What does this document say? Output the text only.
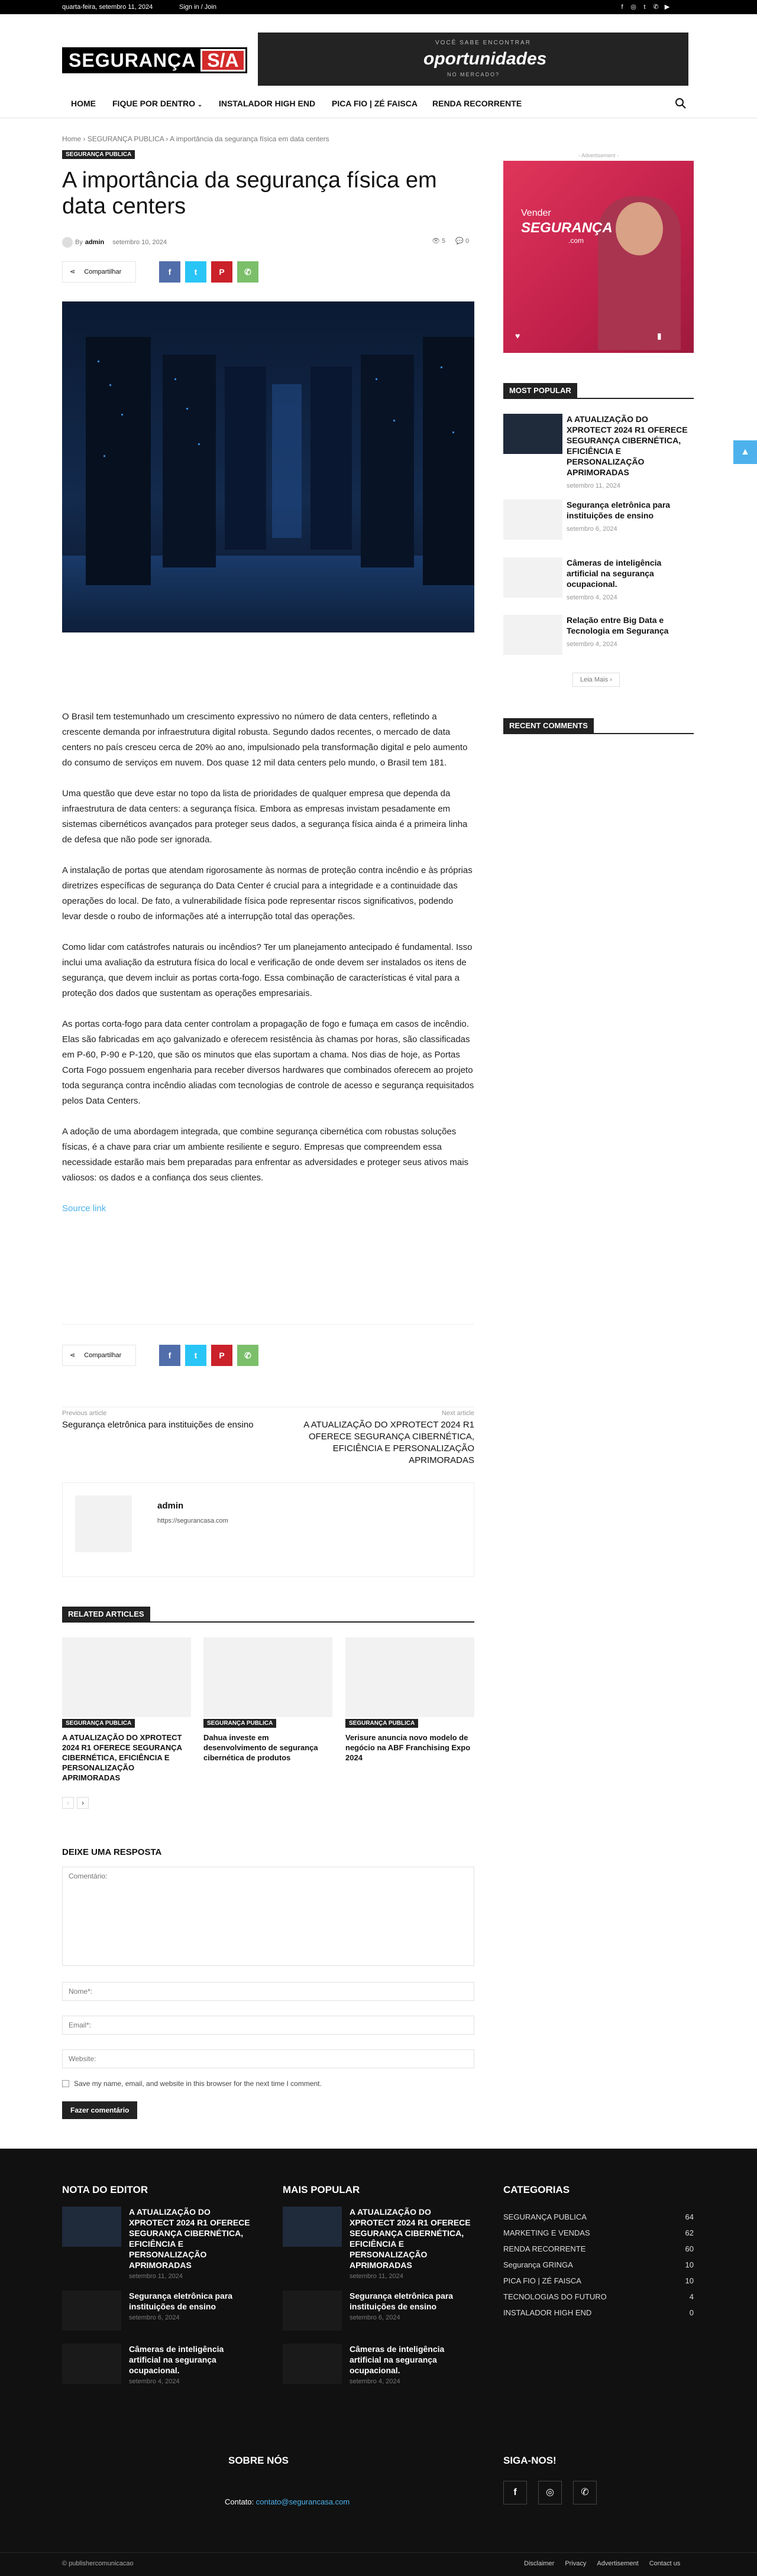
quarta-feira, setembro 11, 2024	Sign in / Join	f	◎	t	✆ ▶
SEGURANÇA S/A
VOCÊ SABE ENCONTRAR
oportunidades
NO MERCADO?
HOME FIQUE POR DENTRO ⌄ INSTALADOR HIGH END PICA FIO | ZÉ FAISCA RENDA RECORRENTE
Home › SEGURANÇA PUBLICA › A importância da segurança física em data centers
SEGURANÇA PUBLICA
A importância da segurança física em data centers
By admin setembro 10, 2024	👁 5 💬 0
⋖ Compartilhar	f	t	P	✆

O Brasil tem testemunhado um crescimento expressivo no número de data centers, refletindo a crescente demanda por infraestrutura digital robusta. Segundo dados recentes, o mercado de data centers no país cresceu cerca de 20% ao ano, impulsionado pela transformação digital e pelo aumento do consumo de serviços em nuvem. Dos quase 12 mil data centers pelo mundo, o Brasil tem 181.

Uma questão que deve estar no topo da lista de prioridades de qualquer empresa que dependa da infraestrutura de data centers: a segurança física. Embora as empresas invistam pesadamente em sistemas cibernéticos avançados para proteger seus dados, a segurança física ainda é a primeira linha de defesa que não pode ser ignorada.

A instalação de portas que atendam rigorosamente às normas de proteção contra incêndio e às próprias diretrizes específicas de segurança do Data Center é crucial para a integridade e a continuidade das operações do local. De fato, a vulnerabilidade física pode representar riscos significativos, podendo levar desde o roubo de informações até a interrupção total das operações.

Como lidar com catástrofes naturais ou incêndios? Ter um planejamento antecipado é fundamental. Isso inclui uma avaliação da estrutura física do local e verificação de onde devem ser instalados os itens de segurança, que devem incluir as portas corta-fogo. Essa combinação de características é vital para a proteção dos dados que sustentam as operações empresariais.

As portas corta-fogo para data center controlam a propagação de fogo e fumaça em casos de incêndio. Elas são fabricadas em aço galvanizado e oferecem resistência às chamas por horas, são classificadas em P-60, P-90 e P-120, que são os minutos que elas suportam a chama. Nos dias de hoje, as Portas Corta Fogo possuem engenharia para receber diversos hardwares que combinados oferecem ao projeto toda segurança contra incêndio aliadas com tecnologias de controle de acesso e segurança requisitados pelos Data Centers.

A adoção de uma abordagem integrada, que combine segurança cibernética com robustas soluções físicas, é a chave para criar um ambiente resiliente e seguro. Empresas que compreendem essa necessidade estarão mais bem preparadas para enfrentar as adversidades e proteger seus ativos mais valiosos: os dados e a confiança dos seus clientes.

Source link

⋖ Compartilhar	f	t	P	✆
Previous article
Segurança eletrônica para instituições de ensino
Next article
A ATUALIZAÇÃO DO XPROTECT 2024 R1 OFERECE SEGURANÇA CIBERNÉTICA, EFICIÊNCIA E PERSONALIZAÇÃO APRIMORADAS
admin
https://segurancasa.com
RELATED ARTICLES
SEGURANÇA PUBLICA
A ATUALIZAÇÃO DO XPROTECT 2024 R1 OFERECE SEGURANÇA CIBERNÉTICA, EFICIÊNCIA E PERSONALIZAÇÃO APRIMORADAS
SEGURANÇA PUBLICA
Dahua investe em desenvolvimento de segurança cibernética de produtos
SEGURANÇA PUBLICA
Verisure anuncia novo modelo de negócio na ABF Franchising Expo 2024
‹	›
DEIXE UMA RESPOSTA
Comentário:
Nome*:
Email*:
Website:
Save my name, email, and website in this browser for the next time I comment.
Fazer comentário
- Advertisement -
Vender
SEGURANÇA
.com
♥	▮
MOST POPULAR
A ATUALIZAÇÃO DO XPROTECT 2024 R1 OFERECE SEGURANÇA CIBERNÉTICA, EFICIÊNCIA E PERSONALIZAÇÃO APRIMORADAS
setembro 11, 2024
Segurança eletrônica para instituições de ensino
setembro 6, 2024
Câmeras de inteligência artificial na segurança ocupacional.
setembro 4, 2024
Relação entre Big Data e Tecnologia em Segurança
setembro 4, 2024
Leia Mais ›
RECENT COMMENTS
▲
NOTA DO EDITOR	MAIS POPULAR	CATEGORIAS
A ATUALIZAÇÃO DO XPROTECT 2024 R1 OFERECE SEGURANÇA CIBERNÉTICA, EFICIÊNCIA E PERSONALIZAÇÃO APRIMORADAS
setembro 11, 2024
Segurança eletrônica para instituições de ensino
setembro 6, 2024
Câmeras de inteligência artificial na segurança ocupacional.
setembro 4, 2024
A ATUALIZAÇÃO DO XPROTECT 2024 R1 OFERECE SEGURANÇA CIBERNÉTICA, EFICIÊNCIA E PERSONALIZAÇÃO APRIMORADAS
setembro 11, 2024
Segurança eletrônica para instituições de ensino
setembro 6, 2024
Câmeras de inteligência artificial na segurança ocupacional.
setembro 4, 2024
SEGURANÇA PUBLICA	64
MARKETING E VENDAS	62
RENDA RECORRENTE	60
Segurança GRINGA	10
PICA FIO | ZÉ FAISCA	10
TECNOLOGIAS DO FUTURO	4
INSTALADOR HIGH END	0
SOBRE NÓS	SIGA-NOS!
f	◎	✆
Contato: contato@segurancasa.com
© publishercomunicacao	Disclaimer Privacy Advertisement Contact us
